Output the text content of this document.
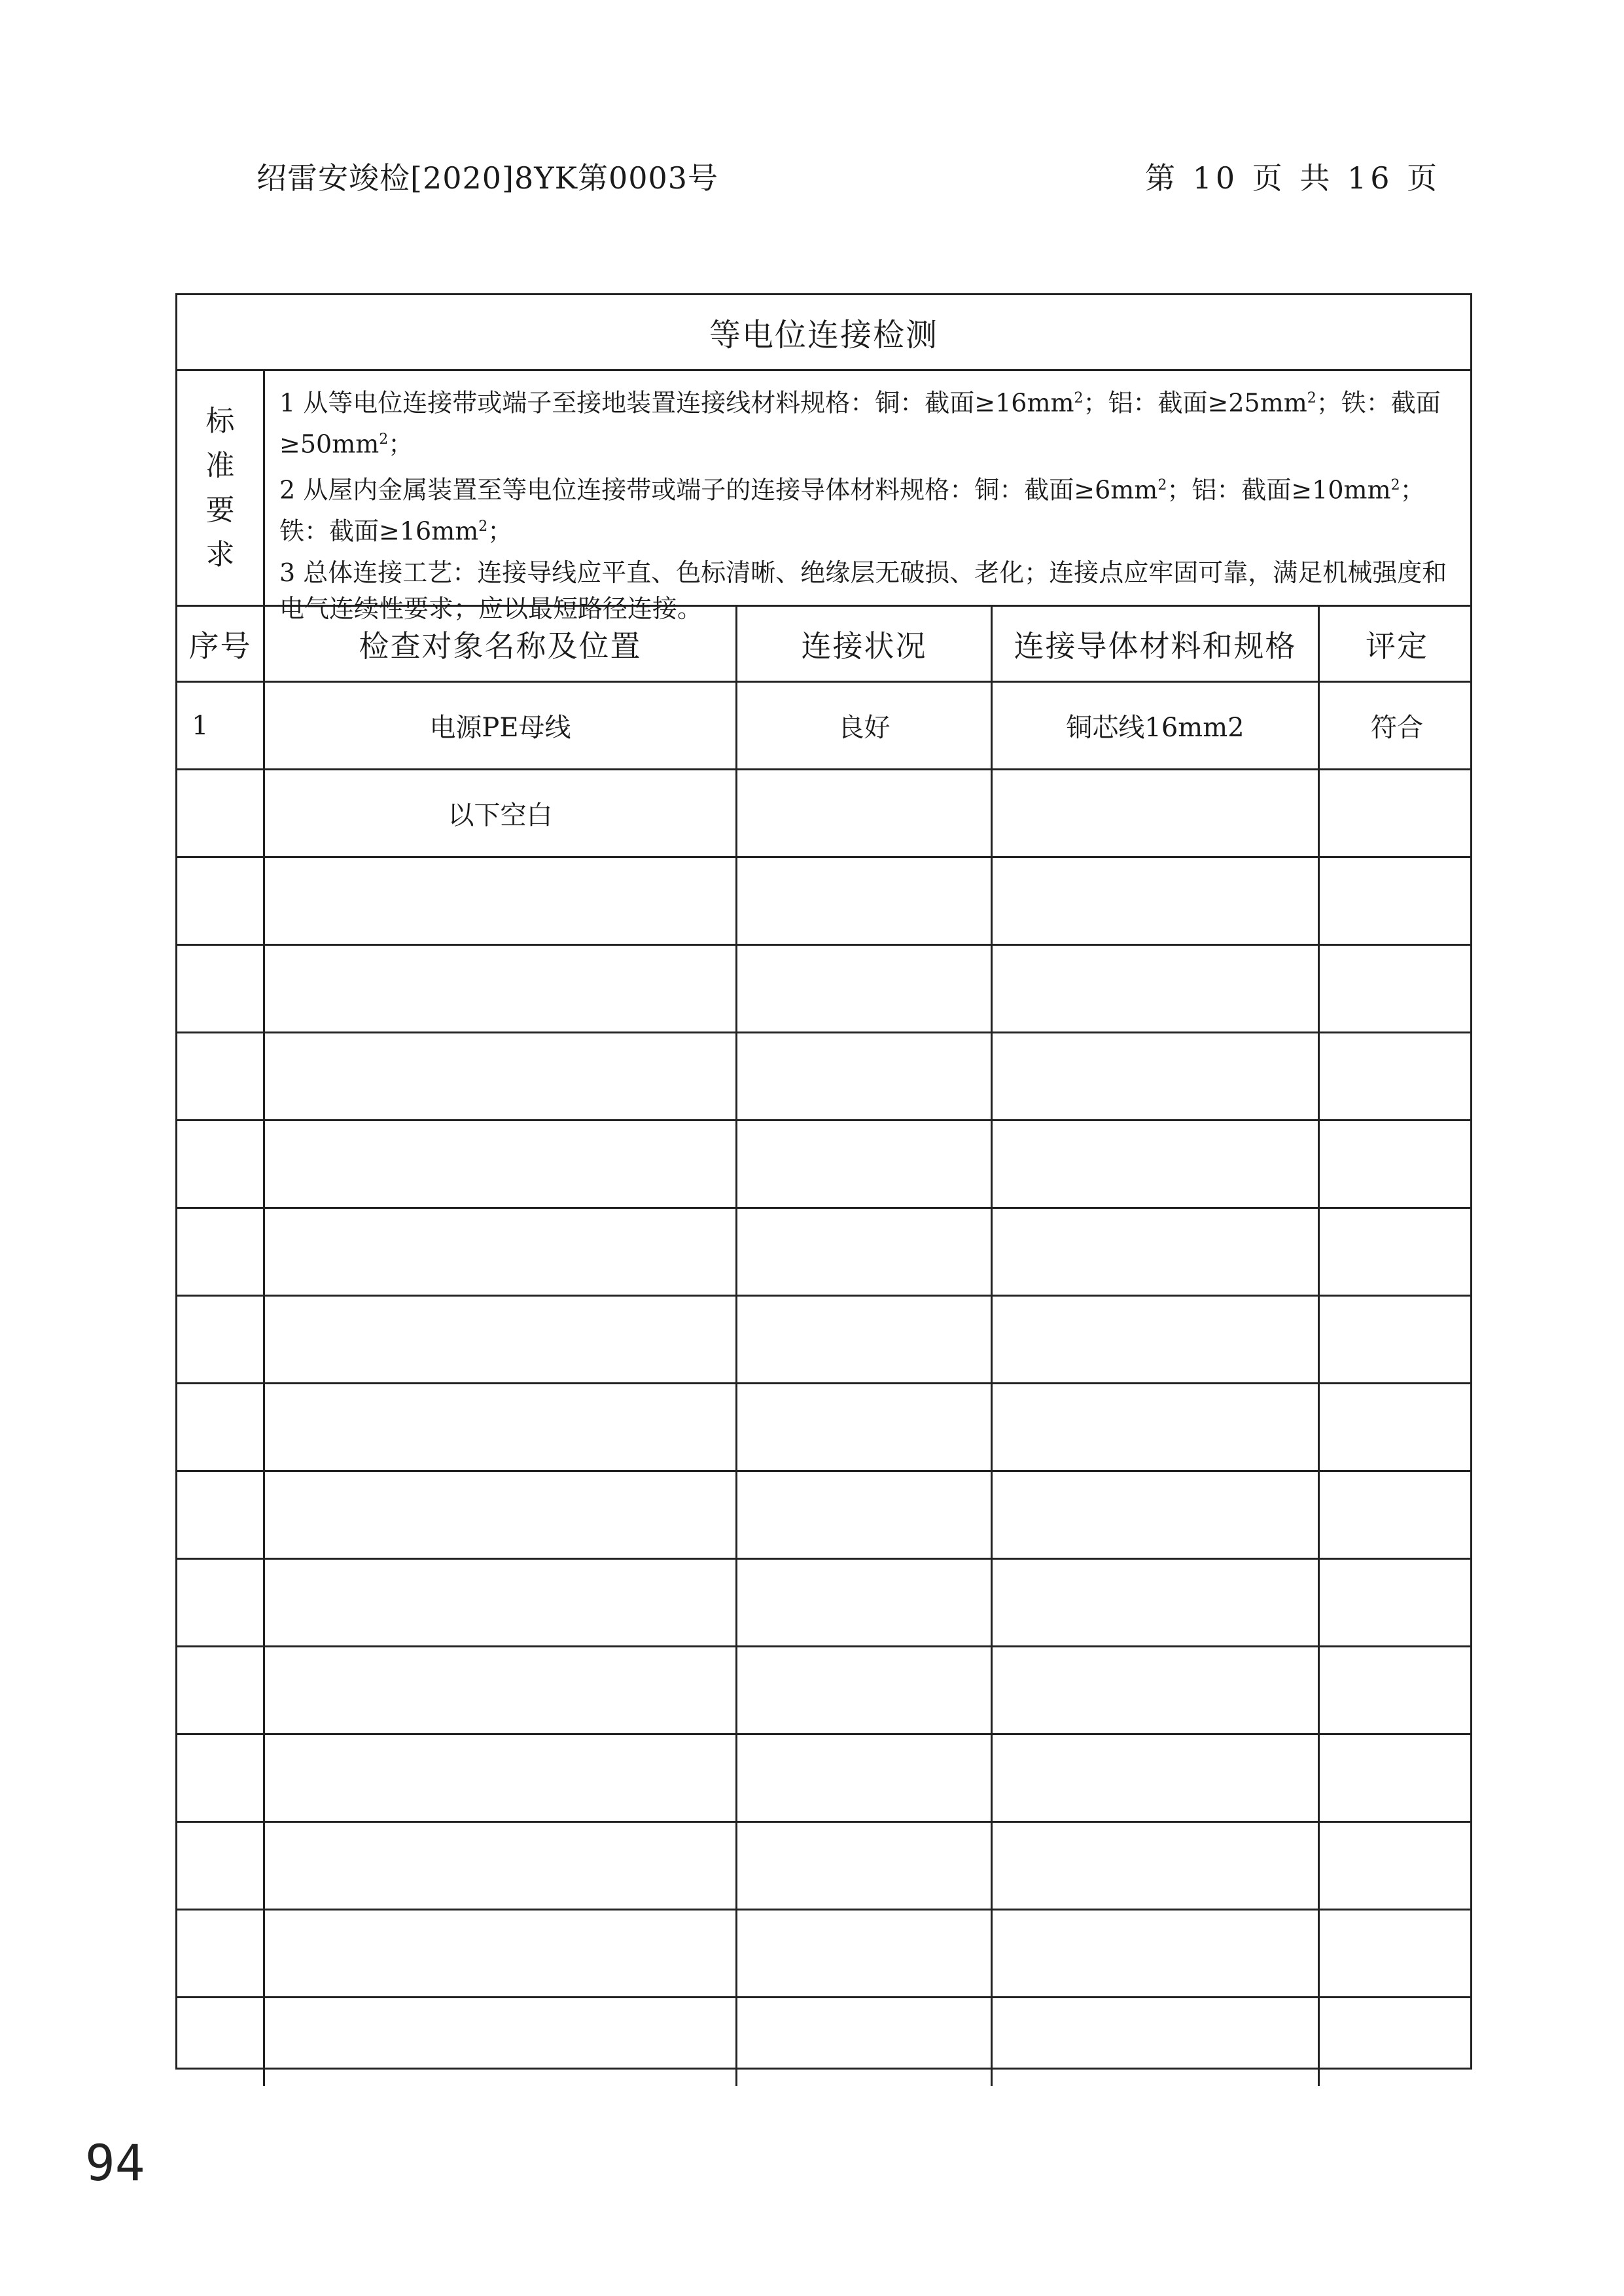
绍雷安竣检[2020]8YK第0003号	第 10 页 共 16 页
等电位连接检测
标准要求

1 从等电位连接带或端子至接地装置连接线材料规格：铜：截面$\ge 16mm^2$；铝：截面$\ge 25mm^2$；铁：截面$\ge 50mm^2$；

2 从屋内金属装置至等电位连接带或端子的连接导体材料规格：铜：截面$\ge 6mm^2$；铝：截面$\ge 10mm^2$；铁：截面$\ge 16mm^2$；

3 总体连接工艺：连接导线应平直、色标清晰、绝缘层无破损、老化；连接点应牢固可靠，满足机械强度和电气连续性要求；应以最短路径连接。

序号	检查对象名称及位置	连接状况	连接导体材料和规格	评定
1	电源PE母线	良好	铜芯线16mm2	符合
以下空白
94
